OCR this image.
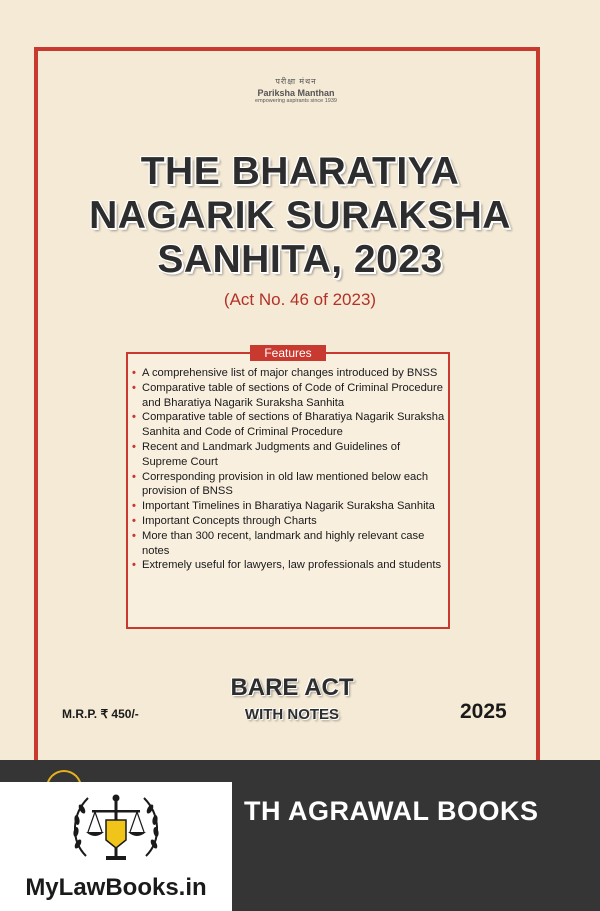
परीक्षा मंथन
Pariksha Manthan
empowering aspirants since 1939
THE BHARATIYA
NAGARIK SURAKSHA
SANHITA, 2023
(Act No. 46 of 2023)
Features
• A comprehensive list of major changes introduced by BNSS
• Comparative table of sections of Code of Criminal Procedure and Bharatiya Nagarik Suraksha Sanhita
• Comparative table of sections of Bharatiya Nagarik Suraksha Sanhita and Code of Criminal Procedure
• Recent and Landmark Judgments and Guidelines of Supreme Court
• Corresponding provision in old law mentioned below each provision of BNSS
• Important Timelines in Bharatiya Nagarik Suraksha Sanhita
• Important Concepts through Charts
• More than 300 recent, landmark and highly relevant case notes
• Extremely useful for lawyers, law professionals and students
M.R.P. ₹ 450/-
BARE ACT
WITH NOTES	2025
TH AGRAWAL BOOKS
MyLawBooks.in
